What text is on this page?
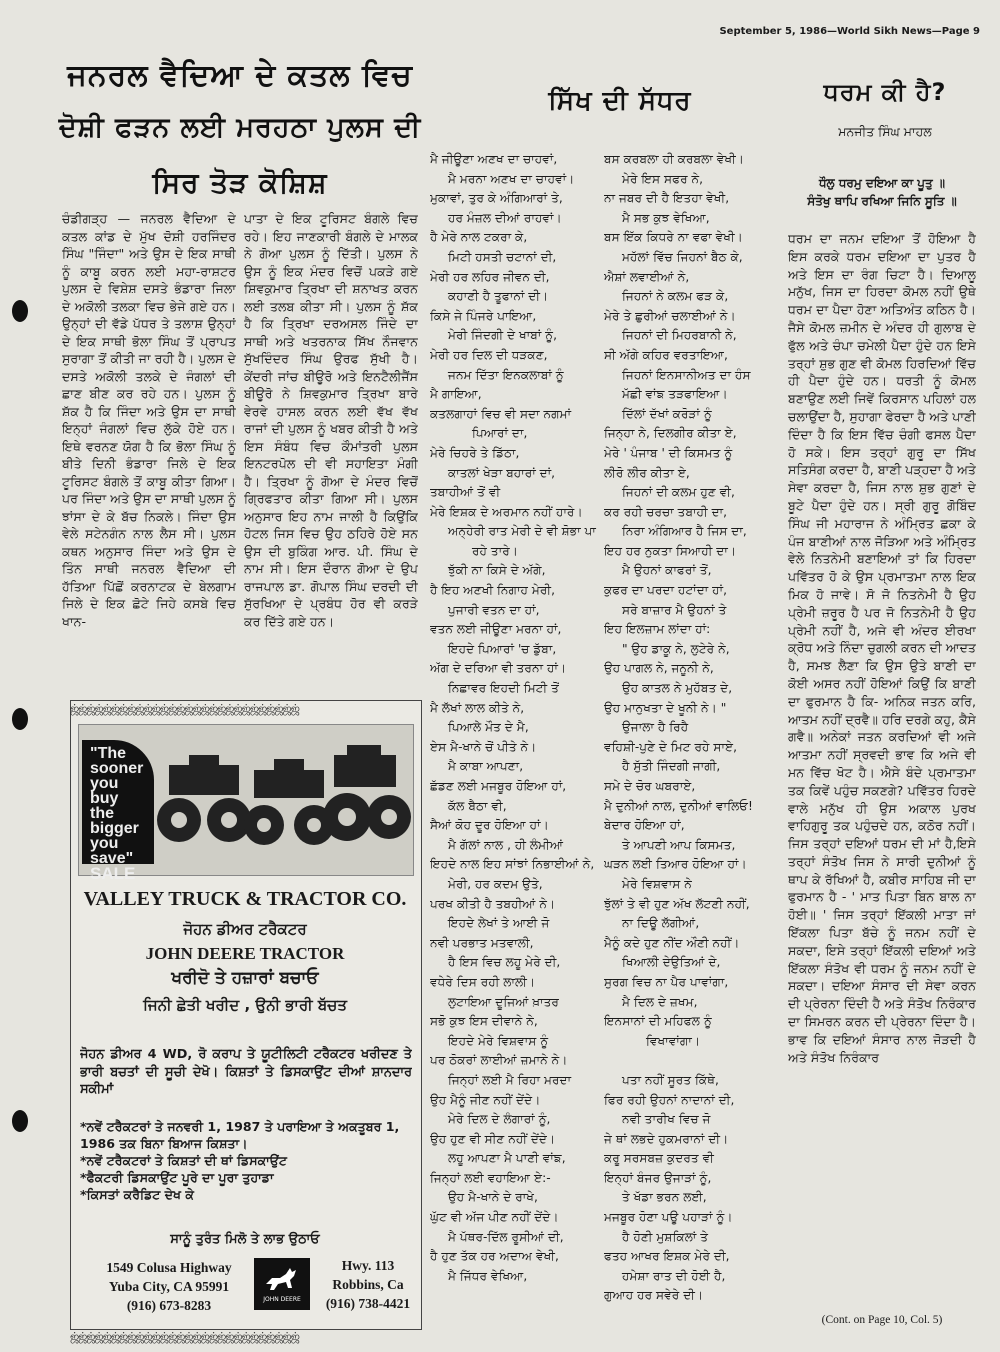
September 5, 1986—World Sikh News—Page 9
ਜਨਰਲ ਵੈਦਿਆ ਦੇ ਕਤਲ ਵਿਚ
ਦੋਸ਼ੀ ਫੜਨ ਲਈ ਮਰਹਠਾ ਪੁਲਸ ਦੀ
ਸਿਰ ਤੋੜ ਕੋਸ਼ਿਸ਼

ਚੰਡੀਗੜ੍ਹ — ਜਨਰਲ ਵੈਦਿਆ ਦੇ ਕਤਲ ਕਾਂਡ ਦੇ ਮੁੱਖ ਦੋਸ਼ੀ ਹਰਜਿੰਦਰ ਸਿੰਘ "ਜਿੰਦਾ" ਅਤੇ ਉਸ ਦੇ ਇਕ ਸਾਥੀ ਨੂੰ ਕਾਬੂ ਕਰਨ ਲਈ ਮਹਾ-ਰਾਸ਼ਟਰ ਪੁਲਸ ਦੇ ਵਿਸ਼ੇਸ਼ ਦਸਤੇ ਭੰਡਾਰਾ ਜਿਲਾ ਦੇ ਅਕੋਲੀ ਤਲਕਾ ਵਿਚ ਭੇਜੇ ਗਏ ਹਨ। ਉਨ੍ਹਾਂ ਦੀ ਵੱਡੇ ਪੱਧਰ ਤੇ ਤਲਾਸ਼ ਉਨ੍ਹਾਂ ਦੇ ਇਕ ਸਾਥੀ ਭੋਲਾ ਸਿੰਘ ਤੋਂ ਪ੍ਰਾਪਤ ਸੁਰਾਗਾ ਤੋਂ ਕੀਤੀ ਜਾ ਰਹੀ ਹੈ। ਪੁਲਸ ਦੇ ਦਸਤੇ ਅਕੋਲੀ ਤਲਕੇ ਦੇ ਜੰਗਲਾਂ ਦੀ ਛਾਣ ਬੀਣ ਕਰ ਰਹੇ ਹਨ। ਪੁਲਸ ਨੂੰ ਸ਼ੱਕ ਹੈ ਕਿ ਜਿੰਦਾ ਅਤੇ ਉਸ ਦਾ ਸਾਥੀ ਇਨ੍ਹਾਂ ਜੰਗਲਾਂ ਵਿਚ ਲੁੱਕੇ ਹੋਏ ਹਨ। ਇਥੇ ਵਰਨਣ ਯੋਗ ਹੈ ਕਿ ਭੋਲਾ ਸਿੰਘ ਨੂੰ ਬੀਤੇ ਦਿਨੀ ਭੰਡਾਰਾ ਜਿਲੇ ਦੇ ਇਕ ਟੂਰਿਸਟ ਬੰਗਲੇ ਤੋਂ ਕਾਬੂ ਕੀਤਾ ਗਿਆ। ਪਰ ਜਿੰਦਾ ਅਤੇ ਉਸ ਦਾ ਸਾਥੀ ਪੁਲਸ ਨੂੰ ਝਾਂਸਾ ਦੇ ਕੇ ਬੱਚ ਨਿਕਲੇ। ਜਿੰਦਾ ਉਸ ਵੇਲੇ ਸਟੇਨਗੰਨ ਨਾਲ ਲੈਸ ਸੀ। ਪੁਲਸ ਕਥਨ ਅਨੁਸਾਰ ਜਿੰਦਾ ਅਤੇ ਉਸ ਦੇ ਤਿੰਨ ਸਾਥੀ ਜਨਰਲ ਵੈਦਿਆ ਦੀ ਹੱਤਿਆ ਪਿੱਛੋਂ ਕਰਨਾਟਕ ਦੇ ਬੇਲਗਾਮ ਜਿਲੇ ਦੇ ਇਕ ਛੋਟੇ ਜਿਹੇ ਕਸਬੇ ਵਿਚ ਖਾਨ-

ਪਾਤਾ ਦੇ ਇਕ ਟੂਰਿਸਟ ਬੰਗਲੇ ਵਿਚ ਰਹੇ। ਇਹ ਜਾਣਕਾਰੀ ਬੰਗਲੇ ਦੇ ਮਾਲਕ ਨੇ ਗੋਆ ਪੁਲਸ ਨੂੰ ਦਿੱਤੀ। ਪੁਲਸ ਨੇ ਉਸ ਨੂੰ ਇਕ ਮੰਦਰ ਵਿਚੋਂ ਪਕੜੇ ਗਏ ਸ਼ਿਵਕੁਮਾਰ ਤ੍ਰਿਖਾ ਦੀ ਸ਼ਨਾਖਤ ਕਰਨ ਲਈ ਤਲਬ ਕੀਤਾ ਸੀ। ਪੁਲਸ ਨੂੰ ਸ਼ੱਕ ਹੈ ਕਿ ਤ੍ਰਿਖਾ ਦਰਅਸਲ ਜਿੰਦੇ ਦਾ ਸਾਥੀ ਅਤੇ ਖਤਰਨਾਕ ਸਿੱਖ ਨੌਜਵਾਨ ਸੁੱਖਦਿੰਦਰ ਸਿੰਘ ਉਰਫ ਸੁੱਖੀ ਹੈ। ਕੇਂਦਰੀ ਜਾਂਚ ਬੀਊਰੋ ਅਤੇ ਇਨਟੈਲੀਜੈਂਸ ਬੀਊਰੋ ਨੇ ਸ਼ਿਵਕੁਮਾਰ ਤ੍ਰਿਖਾ ਬਾਰੇ ਵੇਰਵੇ ਹਾਸਲ ਕਰਨ ਲਈ ਵੱਖ ਵੱਖ ਰਾਜਾਂ ਦੀ ਪੁਲਸ ਨੂੰ ਖਬਰ ਕੀਤੀ ਹੈ ਅਤੇ ਇਸ ਸੰਬੰਧ ਵਿਚ ਕੌਮਾਂਤਰੀ ਪੁਲਸ ਇਨਟਰਪੋਲ ਦੀ ਵੀ ਸਹਾਇਤਾ ਮੰਗੀ ਹੈ। ਤ੍ਰਿਖਾ ਨੂੰ ਗੋਆ ਦੇ ਮੰਦਰ ਵਿਚੋਂ ਗ੍ਰਿਫਤਾਰ ਕੀਤਾ ਗਿਆ ਸੀ। ਪੁਲਸ ਅਨੁਸਾਰ ਇਹ ਨਾਮ ਜਾਲੀ ਹੈ ਕਿਉਂਕਿ ਹੋਟਲ ਜਿਸ ਵਿਚ ਉਹ ਠਹਿਰੇ ਹੋਏ ਸਨ ਉਸ ਦੀ ਬੁਕਿੰਗ ਆਰ. ਪੀ. ਸਿੰਘ ਦੇ ਨਾਮ ਸੀ। ਇਸ ਦੌਰਾਨ ਗੋਆ ਦੇ ਉਪ ਰਾਜਪਾਲ ਡਾ. ਗੋਪਾਲ ਸਿੰਘ ਦਰਦੀ ਦੀ ਸੁੱਰਖਿਆ ਦੇ ਪ੍ਰਬੰਧ ਹੋਰ ਵੀ ਕਰੜੇ ਕਰ ਦਿੱਤੇ ਗਏ ਹਨ।

ஜ்ஜ்ஜ்ஜ்ஜ்ஜ்ஜ்ஜ்ஜ்ஜ்ஜ்ஜ்ஜ்ஜ்ஜ்ஜ்ஜ்ஜ்ஜ்ஜ்ஜ்ஜ்ஜ்ஜ்ஜ்ஜ்ஜ்ஜ்
ஜ்ஜ்ஜ்ஜ்ஜ்ஜ்ஜ்ஜ்ஜ்ஜ்ஜ்ஜ்ஜ்ஜ்ஜ்ஜ்ஜ்ஜ்ஜ்ஜ்ஜ்ஜ்ஜ்ஜ்ஜ்ஜ்ஜ்ஜ்
"The
sooner
you
buy
the
bigger
you
save"
SALE
VALLEY TRUCK & TRACTOR CO.
ਜੋਹਨ ਡੀਅਰ ਟਰੈਕਟਰ
JOHN DEERE TRACTOR
ਖਰੀਦੋ ਤੇ ਹਜ਼ਾਰਾਂ ਬਚਾਓ
ਜਿਨੀ ਛੇਤੀ ਖਰੀਦ , ਉਨੀ ਭਾਰੀ ਬੱਚਤ
ਜੋਹਨ ਡੀਅਰ 4 WD, ਰੋ ਕਰਾਪ ਤੇ ਯੂਟੀਲਿਟੀ ਟਰੈਕਟਰ ਖਰੀਦਣ ਤੇ ਭਾਰੀ ਬਚਤਾਂ ਦੀ ਸੂਚੀ ਦੇਖੋ। ਕਿਸ਼ਤਾਂ ਤੇ ਡਿਸਕਾਉਂਟ ਦੀਆਂ ਸ਼ਾਨਦਾਰ ਸਕੀਮਾਂ
*ਨਵੇਂ ਟਰੈਕਟਰਾਂ ਤੇ ਜਨਵਰੀ 1, 1987 ਤੇ ਪਰਾਇਆ ਤੇ ਅਕਤੂਬਰ 1, 1986 ਤਕ ਬਿਨਾ ਬਿਆਜ ਕਿਸ਼ਤਾ।
*ਨਵੇਂ ਟਰੈਕਟਰਾਂ ਤੇ ਕਿਸ਼ਤਾਂ ਦੀ ਥਾਂ ਡਿਸਕਾਉਂਟ
*ਫੈਕਟਰੀ ਡਿਸਕਾਉਂਟ ਪੂਰੇ ਦਾ ਪੂਰਾ ਤੁਹਾਡਾ
*ਕਿਸਤਾਂ ਕਰੈਡਿਟ ਦੇਖ ਕੇ
ਸਾਨੂੰ ਤੁਰੰਤ ਮਿਲੋ ਤੇ ਲਾਭ ਉਠਾਓ
1549 Colusa Highway
Yuba City, CA 95991
(916) 673-8283	JOHN DEERE
Hwy. 113
Robbins, Ca
(916) 738-4421
ਸਿੱਖ ਦੀ ਸੱਧਰ
ਮੈ ਜੀਊਣਾ ਅਣਖ ਦਾ ਚਾਹਵਾਂ,
ਮੈ ਮਰਨਾ ਅਣਖ ਦਾ ਚਾਹਵਾਂ।
ਮੁਕਾਵਾਂ, ਤੁਰ ਕੇ ਅੰਗਿਆਰਾਂ ਤੇ,
ਹਰ ਮੰਜ਼ਲ ਦੀਆਂ ਰਾਹਵਾਂ।
ਹੈ ਮੇਰੇ ਨਾਲ ਟਕਰਾ ਕੇ,
ਮਿਟੀ ਹਸਤੀ ਚਟਾਨਾਂ ਦੀ,
ਮੇਰੀ ਹਰ ਲਹਿਰ ਜੀਵਨ ਦੀ,
ਕਹਾਣੀ ਹੈ ਤੂਫਾਨਾਂ ਦੀ।
ਕਿਸੇ ਜੇ ਪਿੰਜਰੇ ਪਾਇਆ,
ਮੇਰੀ ਜਿੰਦਗੀ ਦੇ ਖਾਬਾਂ ਨੂੰ,
ਮੇਰੀ ਹਰ ਦਿਲ ਦੀ ਧੜਕਣ,
ਜਨਮ ਦਿੱਤਾ ਇਨਕਲਾਬਾਂ ਨੂੰ
ਮੈ ਗਾਇਆ,
ਕਤਲਗਾਹਾਂ ਵਿਚ ਵੀ ਸਦਾ ਨਗਮਾਂ
ਪਿਆਰਾਂ ਦਾ,
ਮੇਰੇ ਚਿਹਰੇ ਤੇ ਡਿੱਠਾ,
ਕਾਤਲਾਂ ਖੇੜਾ ਬਹਾਰਾਂ ਦਾਂ,
ਤਬਾਹੀਆਂ ਤੋਂ ਵੀ
ਮੇਰੇ ਇਸ਼ਕ ਦੇ ਅਰਮਾਨ ਨਹੀਂ ਹਾਰੇ।
ਅਨ੍ਹੇਰੀ ਰਾਤ ਮੇਰੀ ਦੇ ਵੀ ਸ਼ੋਭਾ ਪਾ
ਰਹੇ ਤਾਰੇ।
ਝੁੱਕੀ ਨਾ ਕਿਸੇ ਦੇ ਅੱਗੇ,
ਹੈ ਇਹ ਅਣਖੀ ਨਿਗਾਹ ਮੇਰੀ,
ਪੁਜਾਰੀ ਵਤਨ ਦਾ ਹਾਂ,
ਵਤਨ ਲਈ ਜੀਊਣਾ ਮਰਨਾ ਹਾਂ,
ਇਹਦੇ ਪਿਆਰਾਂ 'ਚ ਡੁੱਬਾ,
ਅੱਗ ਦੇ ਦਰਿਆ ਵੀ ਤਰਨਾ ਹਾਂ।
ਨਿਛਾਵਰ ਇਹਦੀ ਮਿਟੀ ਤੋਂ
ਮੈ ਲੱਖਾਂ ਲਾਲ ਕੀਤੇ ਨੇ,
ਪਿਆਲੇ ਮੌਤ ਦੇ ਮੈ,
ਏਸ ਮੈ-ਖਾਨੇ ਚੋਂ ਪੀਤੇ ਨੇ।
ਮੈ ਕਾਬਾ ਆਪਣਾ,
ਛੱਡਣ ਲਈ ਮਜਬੂਰ ਹੋਇਆ ਹਾਂ,
ਕੱਲ ਬੈਠਾ ਵੀ,
ਸੈਆਂ ਕੋਹ ਦੂਰ ਹੋਇਆ ਹਾਂ।
ਮੈ ਗੱਲਾਂ ਨਾਲ , ਹੀ ਲੰਮੀਆਂ
ਇਹਦੇ ਨਾਲ ਇਹ ਸਾਂਝਾਂ ਨਿਭਾਈਆਂ ਨੇ,
ਮੇਰੀ, ਹਰ ਕਦਮ ਉਤੇ,
ਪਰਖ ਕੀਤੀ ਹੈ ਤਬਹੀਆਂ ਨੇ।
ਇਹਦੇ ਲੇਖਾਂ ਤੇ ਆਈ ਜੋ
ਨਵੀ ਪਰਭਾਤ ਮਤਵਾਲੀ,
ਹੈ ਇਸ ਵਿਚ ਲਹੂ ਮੇਰੇ ਦੀ,
ਵਧੇਰੇ ਦਿਸ ਰਹੀ ਲਾਲੀ।
ਲੁਟਾਇਆ ਦੂਜਿਆਂ ਖ਼ਾਤਰ
ਸਭੋ ਕੁਝ ਇਸ ਦੀਵਾਨੇ ਨੇ,
ਇਹਦੇ ਮੇਰੇ ਵਿਸ਼ਵਾਸ ਨੂੰ
ਪਰ ਠੋਕਰਾਂ ਲਾਈਆਂ ਜ਼ਮਾਨੇ ਨੇ।
ਜਿਨ੍ਹਾਂ ਲਈ ਮੈ ਰਿਹਾ ਮਰਦਾ
ਉਹ ਮੈਨੂੰ ਜੀਣ ਨਹੀਂ ਦੇਂਦੇ।
ਮੇਰੇ ਦਿਲ ਦੇ ਲੰਗਾਰਾਂ ਨੂੰ,
ਉਹ ਹੁਣ ਵੀ ਸੀਣ ਨਹੀਂ ਦੇਂਦੇ।
ਲਹੂ ਆਪਣਾ ਮੈ ਪਾਣੀ ਵਾਂਙ,
ਜਿਨ੍ਹਾਂ ਲਈ ਵਹਾਇਆ ਏ:-
ਉਹ ਮੈ-ਖਾਨੇ ਦੇ ਰਾਖੇ,
ਘੁੱਟ ਵੀ ਅੱਜ ਪੀਣ ਨਹੀਂ ਦੇਂਦੇ।
ਮੈ ਪੱਥਰ-ਦਿੱਲ ਰੂਸੀਆਂ ਦੀ,
ਹੈ ਹੁਣ ਤੱਕ ਹਰ ਅਦਾਅ ਵੇਖੀ,
ਮੈ ਜਿੱਧਰ ਵੇਖਿਆ,
ਬਸ ਕਰਬਲਾ ਹੀ ਕਰਬਲਾ ਵੇਖੀ।
ਮੇਰੇ ਇਸ ਸਫਰ ਨੇ,
ਨਾ ਜਬਰ ਦੀ ਹੈ ਇਤਹਾ ਵੇਖੀ,
ਮੈ ਸਭ ਕੁਝ ਵੇਖਿਆ,
ਬਸ ਇੱਕ ਕਿਧਰੇ ਨਾ ਵਫਾ ਵੇਖੀ।
ਮਹੱਲਾਂ ਵਿੱਚ ਜਿਹਨਾਂ ਬੈਠ ਕੇ,
ਐਸ਼ਾਂ ਲਵਾਈਆਂ ਨੇ,
ਜਿਹਨਾਂ ਨੇ ਕਲਮ ਫੜ ਕੇ,
ਮੇਰੇ ਤੇ ਛੁਰੀਆਂ ਚਲਾਈਆਂ ਨੇ।
ਜਿਹਨਾਂ ਦੀ ਮਿਹਰਬਾਨੀ ਨੇ,
ਸੀ ਅੱਗੇ ਕਹਿਰ ਵਰਤਾਇਆ,
ਜਿਹਨਾਂ ਇਨਸਾਨੀਅਤ ਦਾ ਹੰਸ
ਮੱਛੀ ਵਾਂਙ ਤੜਫਾਇਆ।
ਦਿੱਲਾਂ ਦੱਖਾਂ ਕਰੋੜਾਂ ਨੂੰ
ਜਿਨ੍ਹਾ ਨੇ, ਦਿਲਗੀਰ ਕੀਤਾ ਏ,
ਮੇਰੇ ' ਪੰਜਾਬ ' ਦੀ ਕਿਸਮਤ ਨੂੰ
ਲੀਰੋ ਲੀਰ ਕੀਤਾ ਏ,
ਜਿਹਨਾਂ ਦੀ ਕਲਮ ਹੁਣ ਵੀ,
ਕਰ ਰਹੀ ਚਰਚਾ ਤਬਾਹੀ ਦਾ,
ਨਿਰਾ ਅੰਗਿਆਰ ਹੈ ਜਿਸ ਦਾ,
ਇਹ ਹਰ ਨੁਕਤਾ ਸਿਆਹੀ ਦਾ।
ਮੈ ਉਹਨਾਂ ਕਾਫਰਾਂ ਤੋਂ,
ਕੁਫਰ ਦਾ ਪਰਦਾ ਹਟਾਂਦਾ ਹਾਂ,
ਸਰੇ ਬਾਜ਼ਾਰ ਮੈ ਉਹਨਾਂ ਤੇ
ਇਹ ਇਲਜ਼ਾਮ ਲਾਂਦਾ ਹਾਂ:
" ਉਹ ਡਾਕੂ ਨੇ, ਲੁਟੇਰੇ ਨੇ,
ਉਹ ਪਾਗਲ ਨੇ, ਜਨੂਨੀ ਨੇ,
ਉਹ ਕਾਤਲ ਨੇ ਮੁਹੱਬਤ ਦੇ,
ਉਹ ਮਾਨੁਖਤਾ ਦੇ ਖੂਨੀ ਨੇ। "
ਉਜਾਲਾ ਹੈ ਰਿਹੈ
ਵਹਿਸ਼ੀ-ਪੁਣੇ ਦੇ ਮਿਟ ਰਹੇ ਸਾਏ,
ਹੈ ਸੁੱਤੀ ਜਿੰਦਗੀ ਜਾਗੀ,
ਸਮੇ ਦੇ ਚੋਰ ਘਬਰਾਏ,
ਮੈ ਦੁਨੀਆਂ ਨਾਲ, ਦੁਨੀਆਂ ਵਾਲਿਓ!
ਬੇਦਾਰ ਹੋਇਆ ਹਾਂ,
ਤੇ ਆਪਣੀ ਆਪ ਕਿਸਮਤ,
ਘੜਨ ਲਈ ਤਿਆਰ ਹੋਇਆ ਹਾਂ।
ਮੇਰੇ ਵਿਸ਼ਵਾਸ ਨੇ
ਝੁੱਲਾਂ ਤੇ ਵੀ ਹੁਣ ਅੱਖ ਲੱਟਣੀ ਨਹੀਂ,
ਨਾ ਦਿਊ ਲੱਗੀਆਂ,
ਮੈਨੂੰ ਕਦੇ ਹੁਣ ਨੀਂਦ ਔਣੀ ਨਹੀਂ।
ਖਿਆਲੀ ਦੇਉਤਿਆਂ ਦੇ,
ਸੁਰਗ ਵਿਚ ਨਾ ਪੈਰ ਪਾਵਾਂਗਾ,
ਮੈ ਦਿਲ ਦੇ ਜ਼ਖਮ,
ਇਨਸਾਨਾਂ ਦੀ ਮਹਿਫਲ ਨੂੰ
ਵਿਖਾਵਾਂਗਾ।

ਪਤਾ ਨਹੀਂ ਸੂਰਤ ਕਿੱਥੇ,
ਫਿਰ ਰਹੀ ਉਹਨਾਂ ਨਾਦਾਨਾਂ ਦੀ,
ਨਵੀ ਤਾਰੀਖ ਵਿਚ ਜੋ
ਜੇ ਥਾਂ ਲਭਦੇ ਹੁਕਮਰਾਨਾਂ ਦੀ।
ਕਰੂ ਸਰਸਬਜ਼ ਕੁਦਰਤ ਵੀ
ਇਨ੍ਹਾਂ ਬੰਜਰ ਉਜਾੜਾਂ ਨੂੰ,
ਤੇ ਖੱਡਾ ਭਰਨ ਲਈ,
ਮਜਬੂਰ ਹੋਣਾ ਪਊ ਪਹਾੜਾਂ ਨੂੰ।
ਹੈ ਹੋਣੀ ਮੁਸ਼ਕਿਲਾਂ ਤੇ
ਫਤਹ ਆਖਰ ਇਸ਼ਕ ਮੇਰੇ ਦੀ,
ਹਮੇਸ਼ਾ ਰਾਤ ਦੀ ਹੋਈ ਹੈ,
ਗੁਆਹ ਹਰ ਸਵੇਰੇ ਦੀ।
ਧਰਮ ਕੀ ਹੈ?
ਮਨਜੀਤ ਸਿੰਘ ਮਾਹਲ
ਧੌਲੁ ਧਰਮੁ ਦਇਆ ਕਾ ਪੂਤੁ ॥
ਸੰਤੋਖੁ ਥਾਪਿ ਰਖਿਆ ਜਿਨਿ ਸੂਤਿ ॥

ਧਰਮ ਦਾ ਜਨਮ ਦਇਆ ਤੋਂ ਹੋਇਆ ਹੈ ਇਸ ਕਰਕੇ ਧਰਮ ਦਇਆ ਦਾ ਪੁਤਰ ਹੈ ਅਤੇ ਇਸ ਦਾ ਰੰਗ ਚਿਟਾ ਹੈ। ਦਿਆਲੂ ਮਨੁੱਖ, ਜਿਸ ਦਾ ਹਿਰਦਾ ਕੋਮਲ ਨਹੀਂ ਉਥੇ ਧਰਮ ਦਾ ਪੈਦਾ ਹੋਣਾ ਅਤਿਅੰਤ ਕਠਿਨ ਹੈ। ਜੈਸੇ ਕੋਮਲ ਜ਼ਮੀਨ ਦੇ ਅੰਦਰ ਹੀ ਗੁਲਾਬ ਦੇ ਫੁੱਲ ਅਤੇ ਚੰਪਾ ਚਮੇਲੀ ਪੈਦਾ ਹੁੰਦੇ ਹਨ ਇਸੇ ਤਰ੍ਹਾਂ ਸ਼ੁਭ ਗੁਣ ਵੀ ਕੋਮਲ ਹਿਰਦਿਆਂ ਵਿੱਚ ਹੀ ਪੈਦਾ ਹੁੰਦੇ ਹਨ। ਧਰਤੀ ਨੂੰ ਕੋਮਲ ਬਣਾਉਣ ਲਈ ਜਿਵੇਂ ਕਿਰਸਾਨ ਪਹਿਲਾਂ ਹਲ ਚਲਾਉਂਦਾ ਹੈ, ਸੁਹਾਗਾ ਫੇਰਦਾ ਹੈ ਅਤੇ ਪਾਣੀ ਦਿੰਦਾ ਹੈ ਕਿ ਇਸ ਵਿੱਚ ਚੰਗੀ ਫਸਲ ਪੈਦਾ ਹੋ ਸਕੇ। ਇਸ ਤਰ੍ਹਾਂ ਗੁਰੂ ਦਾ ਸਿੱਖ ਸਤਿਸੰਗ ਕਰਦਾ ਹੈ, ਬਾਣੀ ਪੜ੍ਹਦਾ ਹੈ ਅਤੇ ਸੇਵਾ ਕਰਦਾ ਹੈ, ਜਿਸ ਨਾਲ ਸ਼ੁਭ ਗੁਣਾਂ ਦੇ ਬੂਟੇ ਪੈਦਾ ਹੁੰਦੇ ਹਨ। ਸ੍ਰੀ ਗੁਰੂ ਗੋਬਿੰਦ ਸਿੰਘ ਜੀ ਮਹਾਰਾਜ ਨੇ ਅੰਮ੍ਰਿਤ ਛਕਾ ਕੇ ਪੰਜ ਬਾਣੀਆਂ ਨਾਲ ਜੋੜਿਆ ਅਤੇ ਅੰਮ੍ਰਿਤ ਵੇਲੇ ਨਿਤਨੇਮੀ ਬਣਾਇਆਂ ਤਾਂ ਕਿ ਹਿਰਦਾ ਪਵਿੱਤਰ ਹੋ ਕੇ ਉਸ ਪ੍ਰਮਾਤਮਾ ਨਾਲ ਇਕ ਮਿਕ ਹੋ ਜਾਵੇ। ਸੋ ਜੋ ਨਿਤਨੇਮੀ ਹੈ ਉਹ ਪ੍ਰੇਮੀ ਜ਼ਰੂਰ ਹੈ ਪਰ ਜੋ ਨਿਤਨੇਮੀ ਹੈ ਉਹ ਪ੍ਰੇਮੀ ਨਹੀਂ ਹੈ, ਅਜੇ ਵੀ ਅੰਦਰ ਈਰਖਾ ਕ੍ਰੋਧ ਅਤੇ ਨਿੰਦਾ ਚੁਗਲੀ ਕਰਨ ਦੀ ਆਦਤ ਹੈ, ਸਮਝ ਲੈਣਾ ਕਿ ਉਸ ਉਤੇ ਬਾਣੀ ਦਾ ਕੋਈ ਅਸਰ ਨਹੀਂ ਹੋਇਆਂ ਕਿਉਂ ਕਿ ਬਾਣੀ ਦਾ ਫੁਰਮਾਨ ਹੈ ਕਿ- ਅਨਿਕ ਜਤਨ ਕਰਿ, ਆਤਮ ਨਹੀਂ ਦ੍ਰਵੈ॥ ਹਰਿ ਦਰਗੇ ਕਹੁ, ਕੈਸੇ ਗਵੈ॥ ਅਨੇਕਾਂ ਜਤਨ ਕਰਦਿਆਂ ਵੀ ਅਜੇ ਆਤਮਾ ਨਹੀਂ ਸ੍ਰਵਦੀ ਭਾਵ ਕਿ ਅਜੇ ਵੀ ਮਨ ਵਿੱਚ ਖੋਟ ਹੈ। ਐਸੇ ਬੰਦੇ ਪ੍ਰਮਾਤਮਾ ਤਕ ਕਿਵੇਂ ਪਹੁੰਚ ਸਕਣਗੇ? ਪਵਿੱਤਰ ਹਿਰਦੇ ਵਾਲੇ ਮਨੁੱਖ ਹੀ ਉਸ ਅਕਾਲ ਪੁਰਖ ਵਾਹਿਗੁਰੂ ਤਕ ਪਹੁੰਚਦੇ ਹਨ, ਕਠੋਰ ਨਹੀਂ। ਜਿਸ ਤਰ੍ਹਾਂ ਦਇਆਂ ਧਰਮ ਦੀ ਮਾਂ ਹੈ,ਇਸੇ ਤਰ੍ਹਾਂ ਸੰਤੋਖ ਜਿਸ ਨੇ ਸਾਰੀ ਦੁਨੀਆਂ ਨੂੰ ਥਾਪ ਕੇ ਰੱਖਿਆਂ ਹੈ, ਕਬੀਰ ਸਾਹਿਬ ਜੀ ਦਾ ਫੁਰਮਾਨ ਹੈ - ' ਮਾਤ ਪਿਤਾ ਬਿਨ ਬਾਲ ਨਾ ਹੋਈ॥ ' ਜਿਸ ਤਰ੍ਹਾਂ ਇੱਕਲੀ ਮਾਤਾ ਜਾਂ ਇੱਕਲਾ ਪਿਤਾ ਬੱਚੇ ਨੂੰ ਜਨਮ ਨਹੀਂ ਦੇ ਸਕਦਾ, ਇਸੇ ਤਰ੍ਹਾਂ ਇੱਕਲੀ ਦਇਆਂ ਅਤੇ ਇੱਕਲਾ ਸੰਤੋਖ ਵੀ ਧਰਮ ਨੂੰ ਜਨਮ ਨਹੀਂ ਦੇ ਸਕਦਾ। ਦਇਆ ਸੰਸਾਰ ਦੀ ਸੇਵਾ ਕਰਨ ਦੀ ਪ੍ਰੇਰਨਾ ਦਿੰਦੀ ਹੈ ਅਤੇ ਸੰਤੋਖ ਨਿਰੰਕਾਰ ਦਾ ਸਿਮਰਨ ਕਰਨ ਦੀ ਪ੍ਰੇਰਨਾ ਦਿੰਦਾ ਹੈ। ਭਾਵ ਕਿ ਦਇਆਂ ਸੰਸਾਰ ਨਾਲ ਜੋੜਦੀ ਹੈ ਅਤੇ ਸੰਤੋਖ ਨਿਰੰਕਾਰ

(Cont. on Page 10, Col. 5)
